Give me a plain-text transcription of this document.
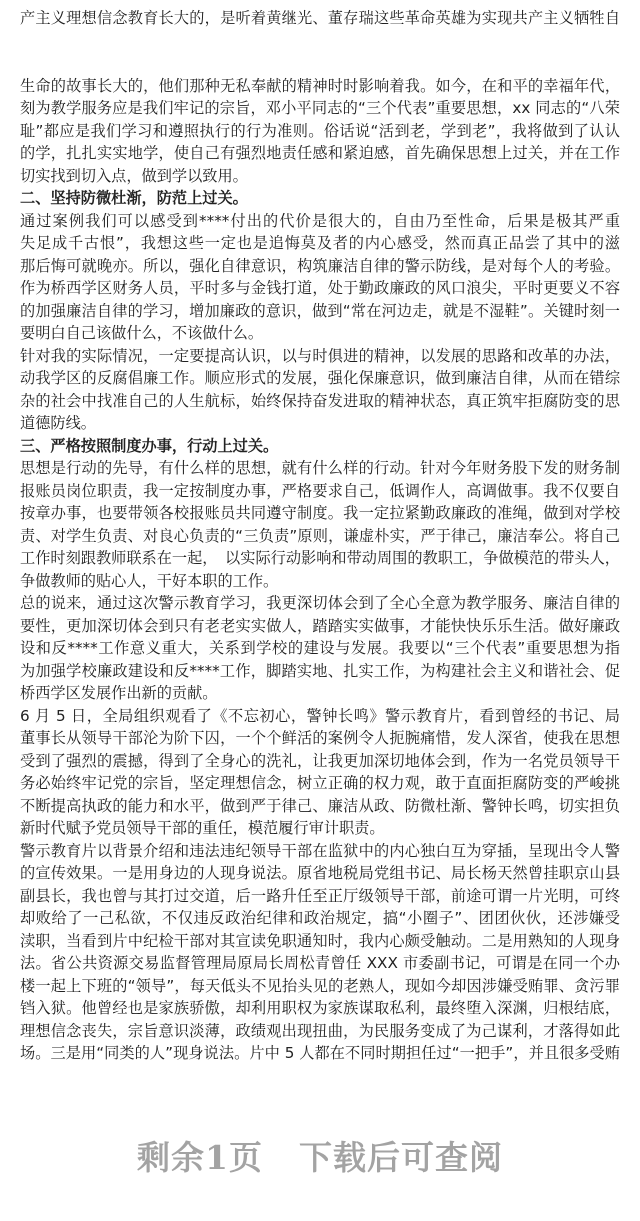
产主义理想信念教育长大的，是听着黄继光、董存瑞这些革命英雄为实现共产主义牺牲自
生命的故事长大的，他们那种无私奉献的精神时时影响着我。如今，在和平的幸福年代，
刻为教学服务应是我们牢记的宗旨，邓小平同志的“三个代表”重要思想，xx 同志的“八荣
耻”都应是我们学习和遵照执行的行为准则。俗话说“活到老，学到老”，我将做到了认认
的学，扎扎实实地学，使自己有强烈地责任感和紧迫感，首先确保思想上过关，并在工作
切实找到切入点，做到学以致用。
二、坚持防微杜渐，防范上过关。
通过案例我们可以感受到****付出的代价是很大的，自由乃至性命，后果是极其严重
失足成千古恨”，我想这些一定也是追悔莫及者的内心感受，然而真正品尝了其中的滋
那后悔可就晚亦。所以，强化自律意识，构筑廉洁自律的警示防线，是对每个人的考验。
作为桥西学区财务人员，平时多与金钱打道，处于勤政廉政的风口浪尖，平时更要义不容
的加强廉洁自律的学习，增加廉政的意识，做到“常在河边走，就是不湿鞋”。关键时刻一
要明白自己该做什么，不该做什么。
针对我的实际情况，一定要提高认识，以与时俱进的精神，以发展的思路和改革的办法，
动我学区的反腐倡廉工作。顺应形式的发展，强化保廉意识，做到廉洁自律，从而在错综
杂的社会中找准自己的人生航标，始终保持奋发进取的精神状态，真正筑牢拒腐防变的思
道德防线。
三、严格按照制度办事，行动上过关。
思想是行动的先导，有什么样的思想，就有什么样的行动。针对今年财务股下发的财务制
报账员岗位职责，我一定按制度办事，严格要求自己，低调作人，高调做事。我不仅要自
按章办事，也要带领各校报账员共同遵守制度。我一定拉紧勤政廉政的准绳，做到对学校
责、对学生负责、对良心负责的“三负责”原则，谦虚朴实，严于律己，廉洁奉公。将自己
工作时刻跟教师联系在一起，　以实际行动影响和带动周围的教职工，争做模范的带头人，
争做教师的贴心人，干好本职的工作。
总的说来，通过这次警示教育学习，我更深切体会到了全心全意为教学服务、廉洁自律的
要性，更加深切体会到只有老老实实做人，踏踏实实做事，才能快快乐乐生活。做好廉政
设和反****工作意义重大，关系到学校的建设与发展。我要以“三个代表”重要思想为指
为加强学校廉政建设和反****工作，脚踏实地、扎实工作，为构建社会主义和谐社会、促
桥西学区发展作出新的贡献。
6 月 5 日，全局组织观看了《不忘初心，警钟长鸣》警示教育片，看到曾经的书记、局
董事长从领导干部沦为阶下囚，一个个鲜活的案例令人扼腕痛惜，发人深省，使我在思想
受到了强烈的震撼，得到了全身心的洗礼，让我更加深切地体会到，作为一名党员领导干
务必始终牢记党的宗旨，坚定理想信念，树立正确的权力观，敢于直面拒腐防变的严峻挑
不断提高执政的能力和水平，做到严于律己、廉洁从政、防微杜渐、警钟长鸣，切实担负
新时代赋予党员领导干部的重任，模范履行审计职责。
警示教育片以背景介绍和违法违纪领导干部在监狱中的内心独白互为穿插，呈现出令人警
的宣传效果。一是用身边的人现身说法。原省地税局党组书记、局长杨天然曾挂职京山县
副县长，我也曾与其打过交道，后一路升任至正厅级领导干部，前途可谓一片光明，可终
却败给了一己私欲，不仅违反政治纪律和政治规定，搞“小圈子”、团团伙伙，还涉嫌受
渎职，当看到片中纪检干部对其宣读免职通知时，我内心颇受触动。二是用熟知的人现身
法。省公共资源交易监督管理局原局长周松青曾任 XXX 市委副书记，可谓是在同一个办
楼一起上下班的“领导”，每天低头不见抬头见的老熟人，现如今却因涉嫌受贿罪、贪污罪
铛入狱。他曾经也是家族骄傲，却利用职权为家族谋取私利，最终堕入深渊，归根结底，
理想信念丧失，宗旨意识淡薄，政绩观出现扭曲，为民服务变成了为己谋利，才落得如此
场。三是用“同类的人”现身说法。片中 5 人都在不同时期担任过“一把手”，并且很多受贿
剩余1页 下载后可查阅
